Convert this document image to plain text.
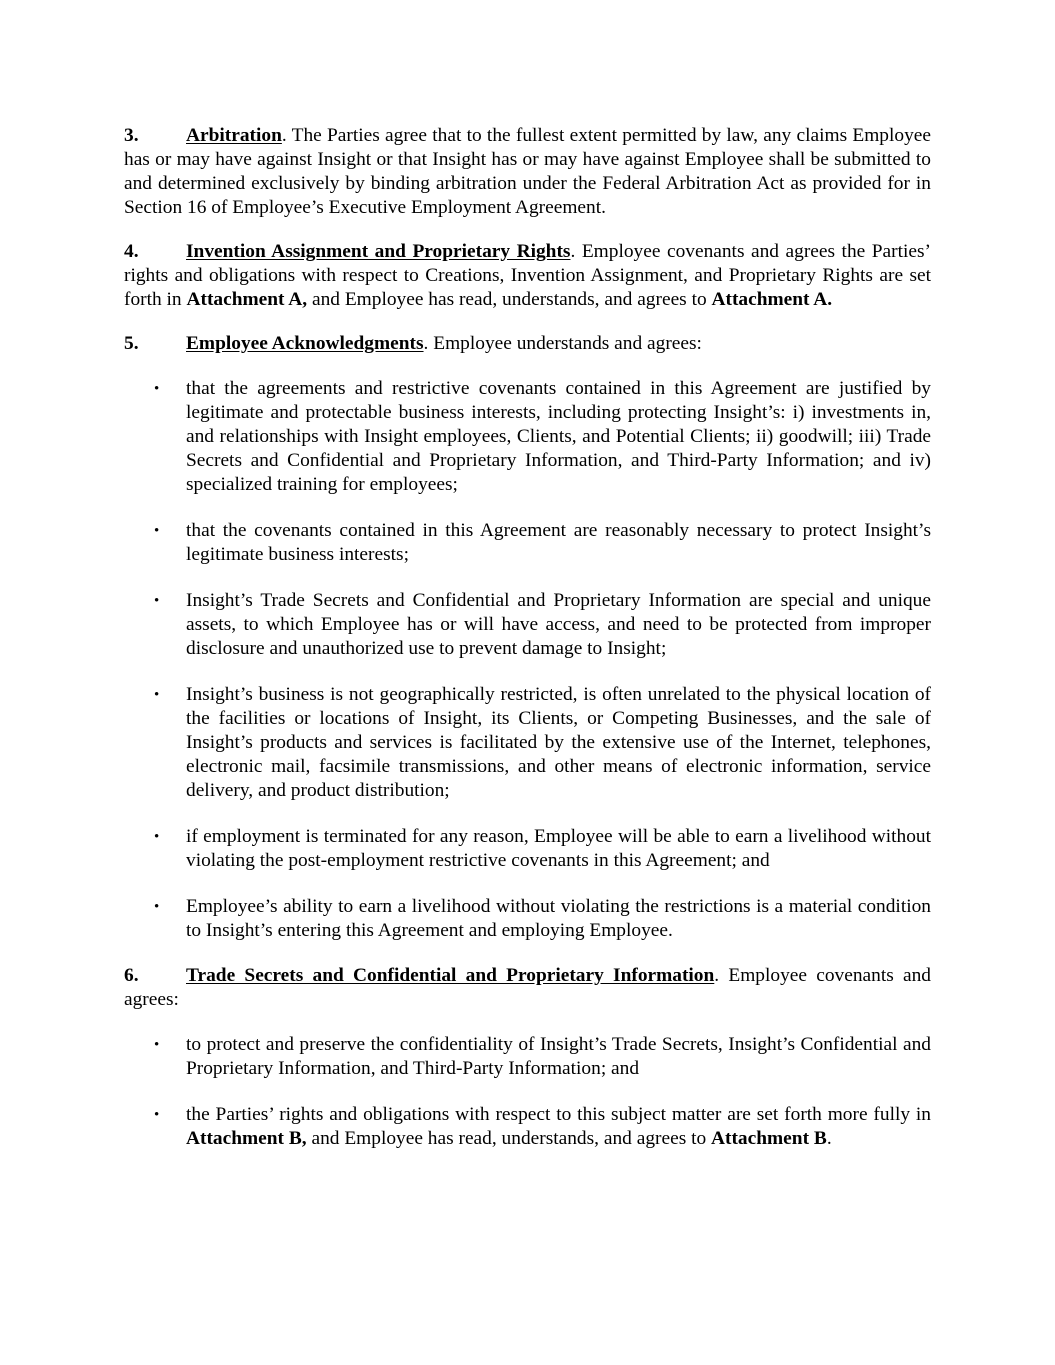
3. Arbitration. The Parties agree that to the fullest extent permitted by law, any claims Employee has or may have against Insight or that Insight has or may have against Employee shall be submitted to and determined exclusively by binding arbitration under the Federal Arbitration Act as provided for in Section 16 of Employee’s Executive Employment Agreement.

4. Invention Assignment and Proprietary Rights. Employee covenants and agrees the Parties’ rights and obligations with respect to Creations, Invention Assignment, and Proprietary Rights are set forth in Attachment A, and Employee has read, understands, and agrees to Attachment A.

5. Employee Acknowledgments. Employee understands and agrees:

• that the agreements and restrictive covenants contained in this Agreement are justified by legitimate and protectable business interests, including protecting Insight’s: i) investments in, and relationships with Insight employees, Clients, and Potential Clients; ii) goodwill; iii) Trade Secrets and Confidential and Proprietary Information, and Third-Party Information; and iv) specialized training for employees;
• that the covenants contained in this Agreement are reasonably necessary to protect Insight’s legitimate business interests;
• Insight’s Trade Secrets and Confidential and Proprietary Information are special and unique assets, to which Employee has or will have access, and need to be protected from improper disclosure and unauthorized use to prevent damage to Insight;
• Insight’s business is not geographically restricted, is often unrelated to the physical location of the facilities or locations of Insight, its Clients, or Competing Businesses, and the sale of Insight’s products and services is facilitated by the extensive use of the Internet, telephones, electronic mail, facsimile transmissions, and other means of electronic information, service delivery, and product distribution;
• if employment is terminated for any reason, Employee will be able to earn a livelihood without violating the post-employment restrictive covenants in this Agreement; and
• Employee’s ability to earn a livelihood without violating the restrictions is a material condition to Insight’s entering this Agreement and employing Employee.

6. Trade Secrets and Confidential and Proprietary Information. Employee covenants and agrees:

• to protect and preserve the confidentiality of Insight’s Trade Secrets, Insight’s Confidential and Proprietary Information, and Third-Party Information; and
• the Parties’ rights and obligations with respect to this subject matter are set forth more fully in Attachment B, and Employee has read, understands, and agrees to Attachment B.
